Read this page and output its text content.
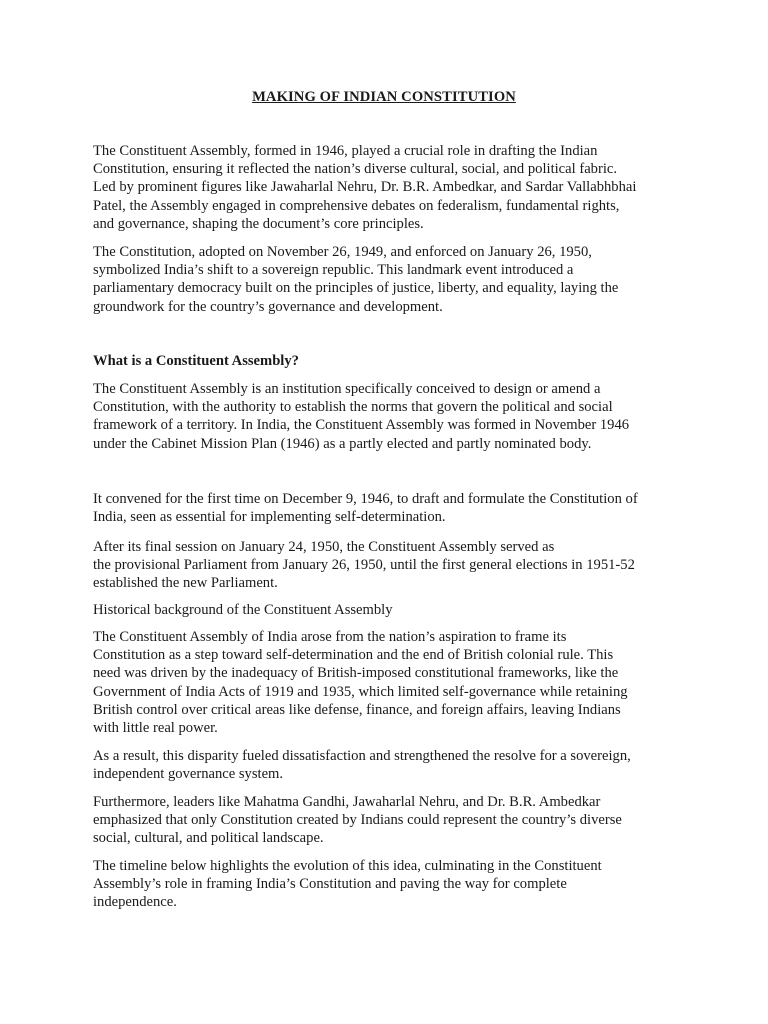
MAKING OF INDIAN CONSTITUTION

The Constituent Assembly, formed in 1946, played a crucial role in drafting the Indian
Constitution, ensuring it reflected the nation’s diverse cultural, social, and political fabric.
Led by prominent figures like Jawaharlal Nehru, Dr. B.R. Ambedkar, and Sardar Vallabhbhai
Patel, the Assembly engaged in comprehensive debates on federalism, fundamental rights,
and governance, shaping the document’s core principles.

The Constitution, adopted on November 26, 1949, and enforced on January 26, 1950,
symbolized India’s shift to a sovereign republic. This landmark event introduced a
parliamentary democracy built on the principles of justice, liberty, and equality, laying the
groundwork for the country’s governance and development.

What is a Constituent Assembly?

The Constituent Assembly is an institution specifically conceived to design or amend a
Constitution, with the authority to establish the norms that govern the political and social
framework of a territory. In India, the Constituent Assembly was formed in November 1946
under the Cabinet Mission Plan (1946) as a partly elected and partly nominated body.

It convened for the first time on December 9, 1946, to draft and formulate the Constitution of
India, seen as essential for implementing self-determination.

After its final session on January 24, 1950, the Constituent Assembly served as
the provisional Parliament from January 26, 1950, until the first general elections in 1951-52
established the new Parliament.

Historical background of the Constituent Assembly

The Constituent Assembly of India arose from the nation’s aspiration to frame its
Constitution as a step toward self-determination and the end of British colonial rule. This
need was driven by the inadequacy of British-imposed constitutional frameworks, like the
Government of India Acts of 1919 and 1935, which limited self-governance while retaining
British control over critical areas like defense, finance, and foreign affairs, leaving Indians
with little real power.

As a result, this disparity fueled dissatisfaction and strengthened the resolve for a sovereign,
independent governance system.

Furthermore, leaders like Mahatma Gandhi, Jawaharlal Nehru, and Dr. B.R. Ambedkar
emphasized that only Constitution created by Indians could represent the country’s diverse
social, cultural, and political landscape.

The timeline below highlights the evolution of this idea, culminating in the Constituent
Assembly’s role in framing India’s Constitution and paving the way for complete
independence.
